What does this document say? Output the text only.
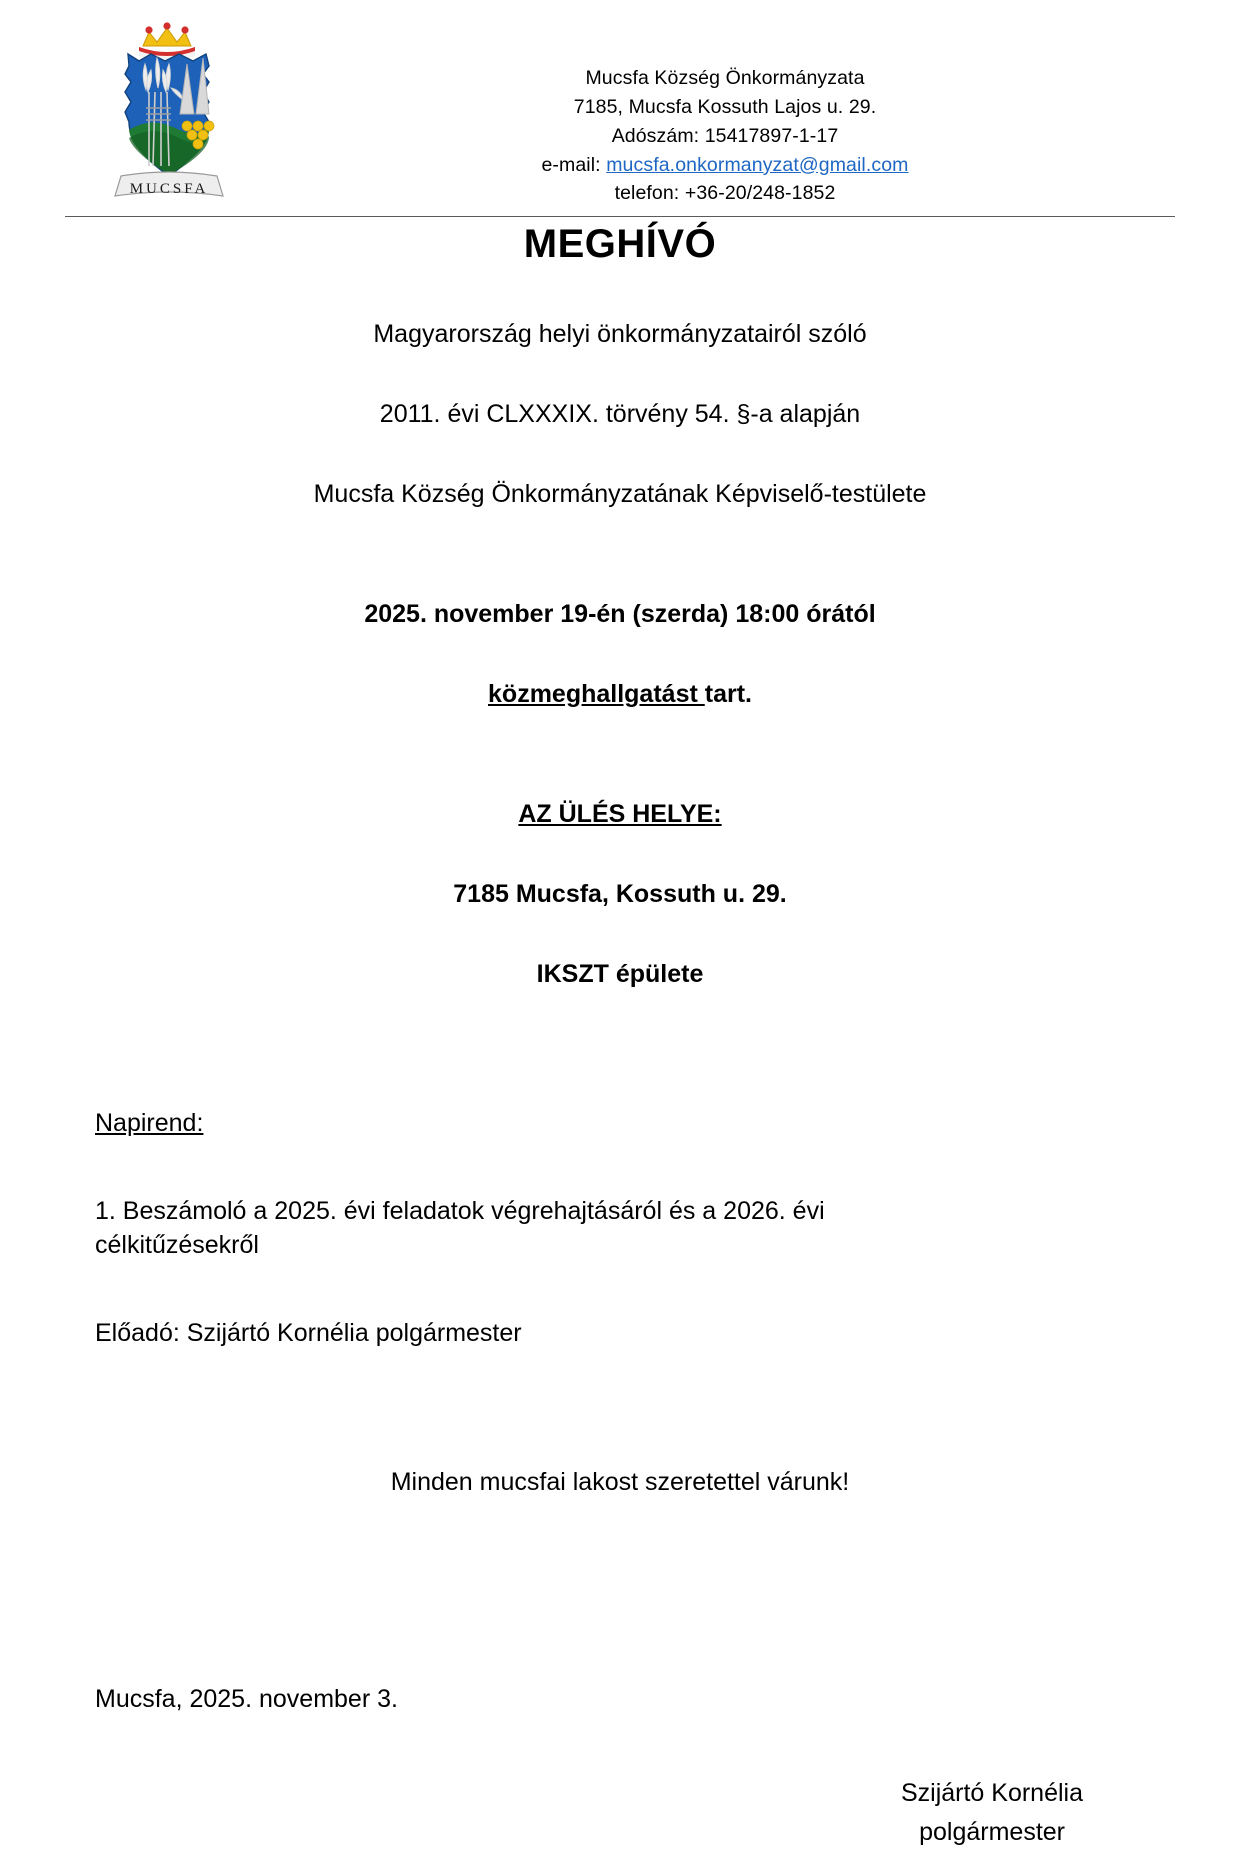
MUCSFA
Mucsfa Község Önkormányzata
7185, Mucsfa Kossuth Lajos u. 29.
Adószám: 15417897-1-17
e-mail: mucsfa.onkormanyzat@gmail.com
telefon: +36-20/248-1852
MEGHÍVÓ
Magyarország helyi önkormányzatairól szóló
2011. évi CLXXXIX. törvény 54. §-a alapján
Mucsfa Község Önkormányzatának Képviselő-testülete
2025. november 19-én (szerda) 18:00 órától
közmeghallgatást tart.
AZ ÜLÉS HELYE:
7185 Mucsfa, Kossuth u. 29.
IKSZT épülete
Napirend:
1. Beszámoló a 2025. évi feladatok végrehajtásáról és a 2026. évi célkitűzésekről
Előadó: Szijártó Kornélia polgármester
Minden mucsfai lakost szeretettel várunk!
Mucsfa, 2025. november 3.
Szijártó Kornélia
polgármester
